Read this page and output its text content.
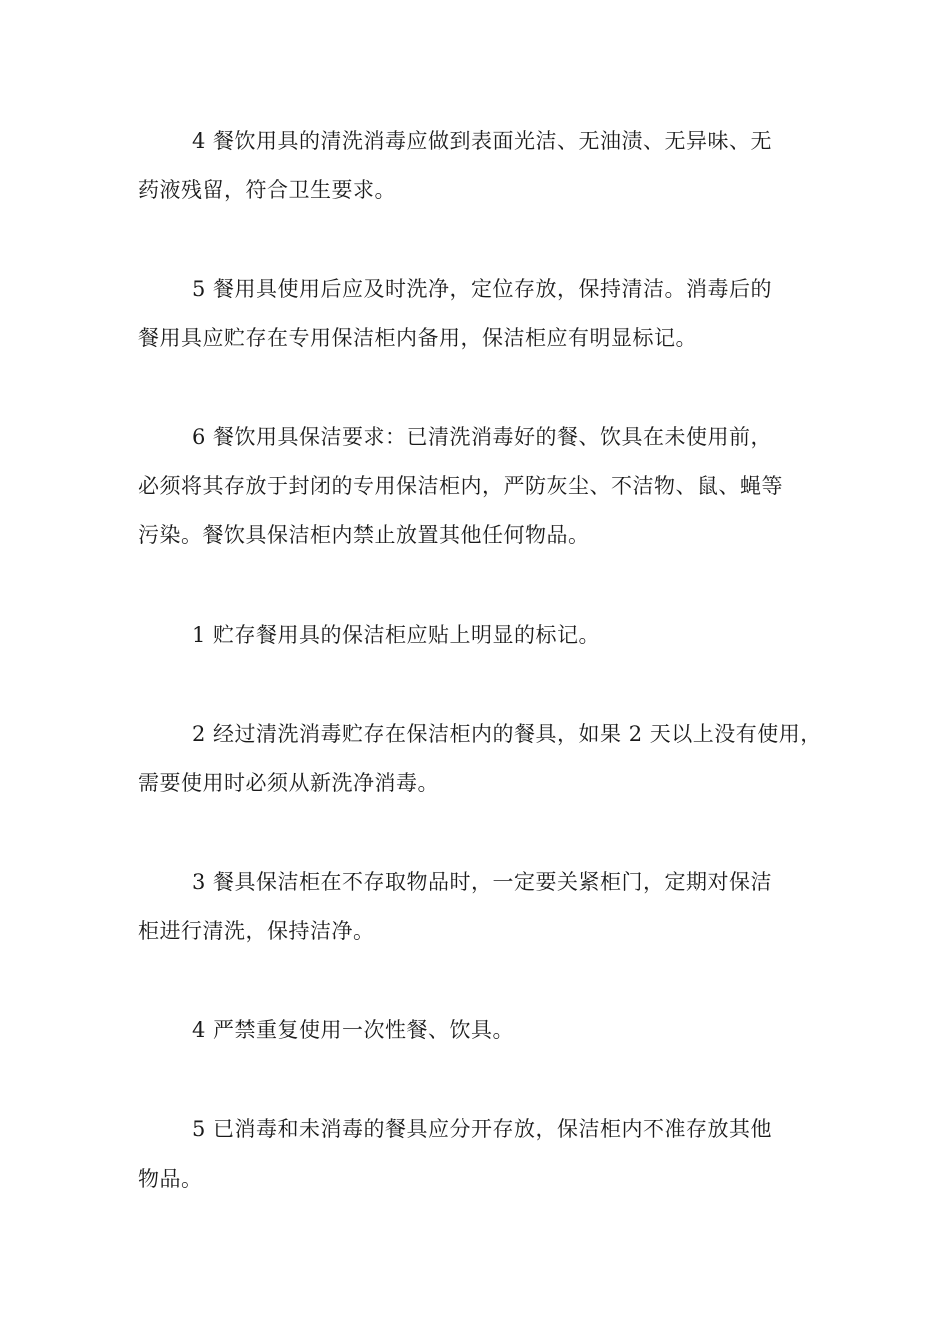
4 餐饮用具的清洗消毒应做到表面光洁、无油渍、无异味、无
药液残留，符合卫生要求。
5 餐用具使用后应及时洗净，定位存放，保持清洁。消毒后的
餐用具应贮存在专用保洁柜内备用，保洁柜应有明显标记。
6 餐饮用具保洁要求：已清洗消毒好的餐、饮具在未使用前，
必须将其存放于封闭的专用保洁柜内，严防灰尘、不洁物、鼠、蝇等
污染。餐饮具保洁柜内禁止放置其他任何物品。
1 贮存餐用具的保洁柜应贴上明显的标记。
2 经过清洗消毒贮存在保洁柜内的餐具，如果 2 天以上没有使用，
需要使用时必须从新洗净消毒。
3 餐具保洁柜在不存取物品时，一定要关紧柜门，定期对保洁
柜进行清洗，保持洁净。
4 严禁重复使用一次性餐、饮具。
5 已消毒和未消毒的餐具应分开存放，保洁柜内不准存放其他
物品。
